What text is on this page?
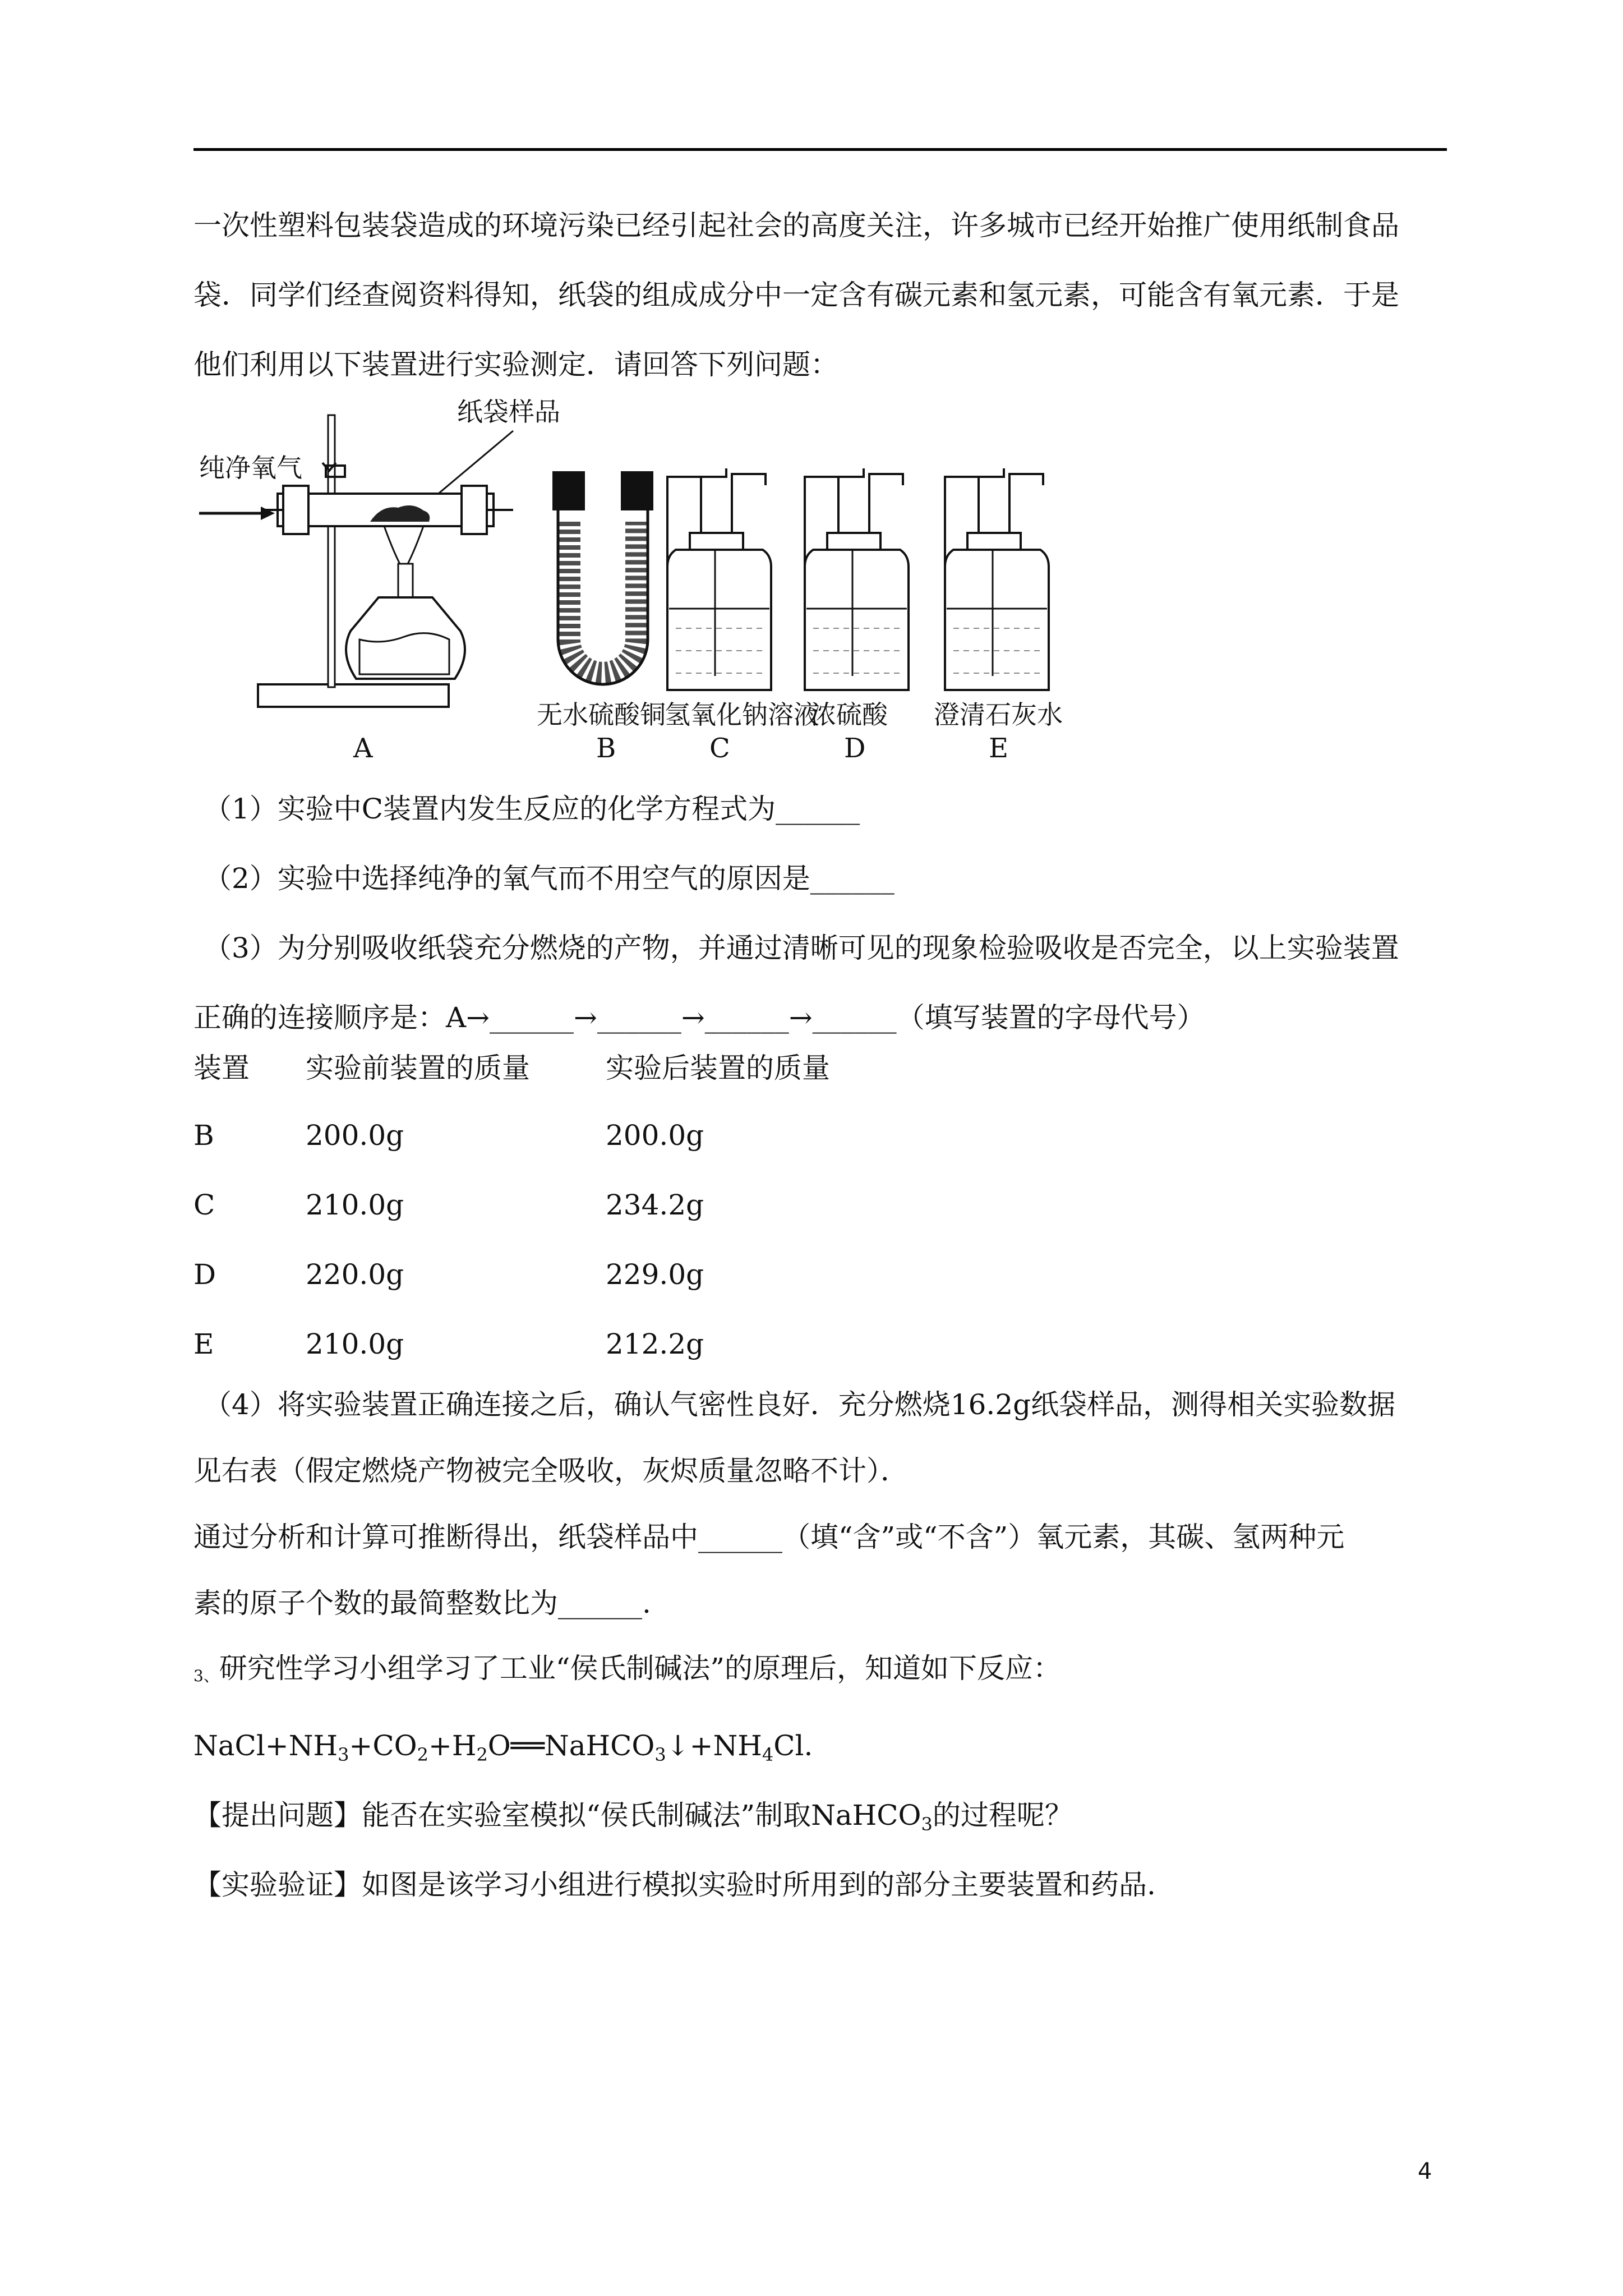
一次性塑料包装袋造成的环境污染已经引起社会的高度关注，许多城市已经开始推广使用纸制食品
袋．同学们经查阅资料得知，纸袋的组成成分中一定含有碳元素和氢元素，可能含有氧元素．于是
他们利用以下装置进行实验测定．请回答下列问题：
纯净氧气
纸袋样品
A
无水硫酸铜
B
氢氧化钠溶液
C
浓硫酸
D
澄清石灰水
E
（1）实验中C装置内发生反应的化学方程式为______
（2）实验中选择纯净的氧气而不用空气的原因是______
（3）为分别吸收纸袋充分燃烧的产物，并通过清晰可见的现象检验吸收是否完全，以上实验装置
正确的连接顺序是：A→______→______→______→______（填写装置的字母代号）
装置	实验前装置的质量	实验后装置的质量
B	200.0g	200.0g
C	210.0g	234.2g
D	220.0g	229.0g
E	210.0g	212.2g
（4）将实验装置正确连接之后，确认气密性良好．充分燃烧16.2g纸袋样品，测得相关实验数据
见右表（假定燃烧产物被完全吸收，灰烬质量忽略不计）．
通过分析和计算可推断得出，纸袋样品中______（填“含”或“不含”）氧元素，其碳、氢两种元
素的原子个数的最简整数比为______.
3、研究性学习小组学习了工业“侯氏制碱法”的原理后，知道如下反应：
$NaCl+NH_3+CO_2+H_2O══NaHCO_3↓+NH_4Cl$.
【提出问题】能否在实验室模拟“侯氏制碱法”制取NaHCO$_3$的过程呢？
【实验验证】如图是该学习小组进行模拟实验时所用到的部分主要装置和药品.
4
